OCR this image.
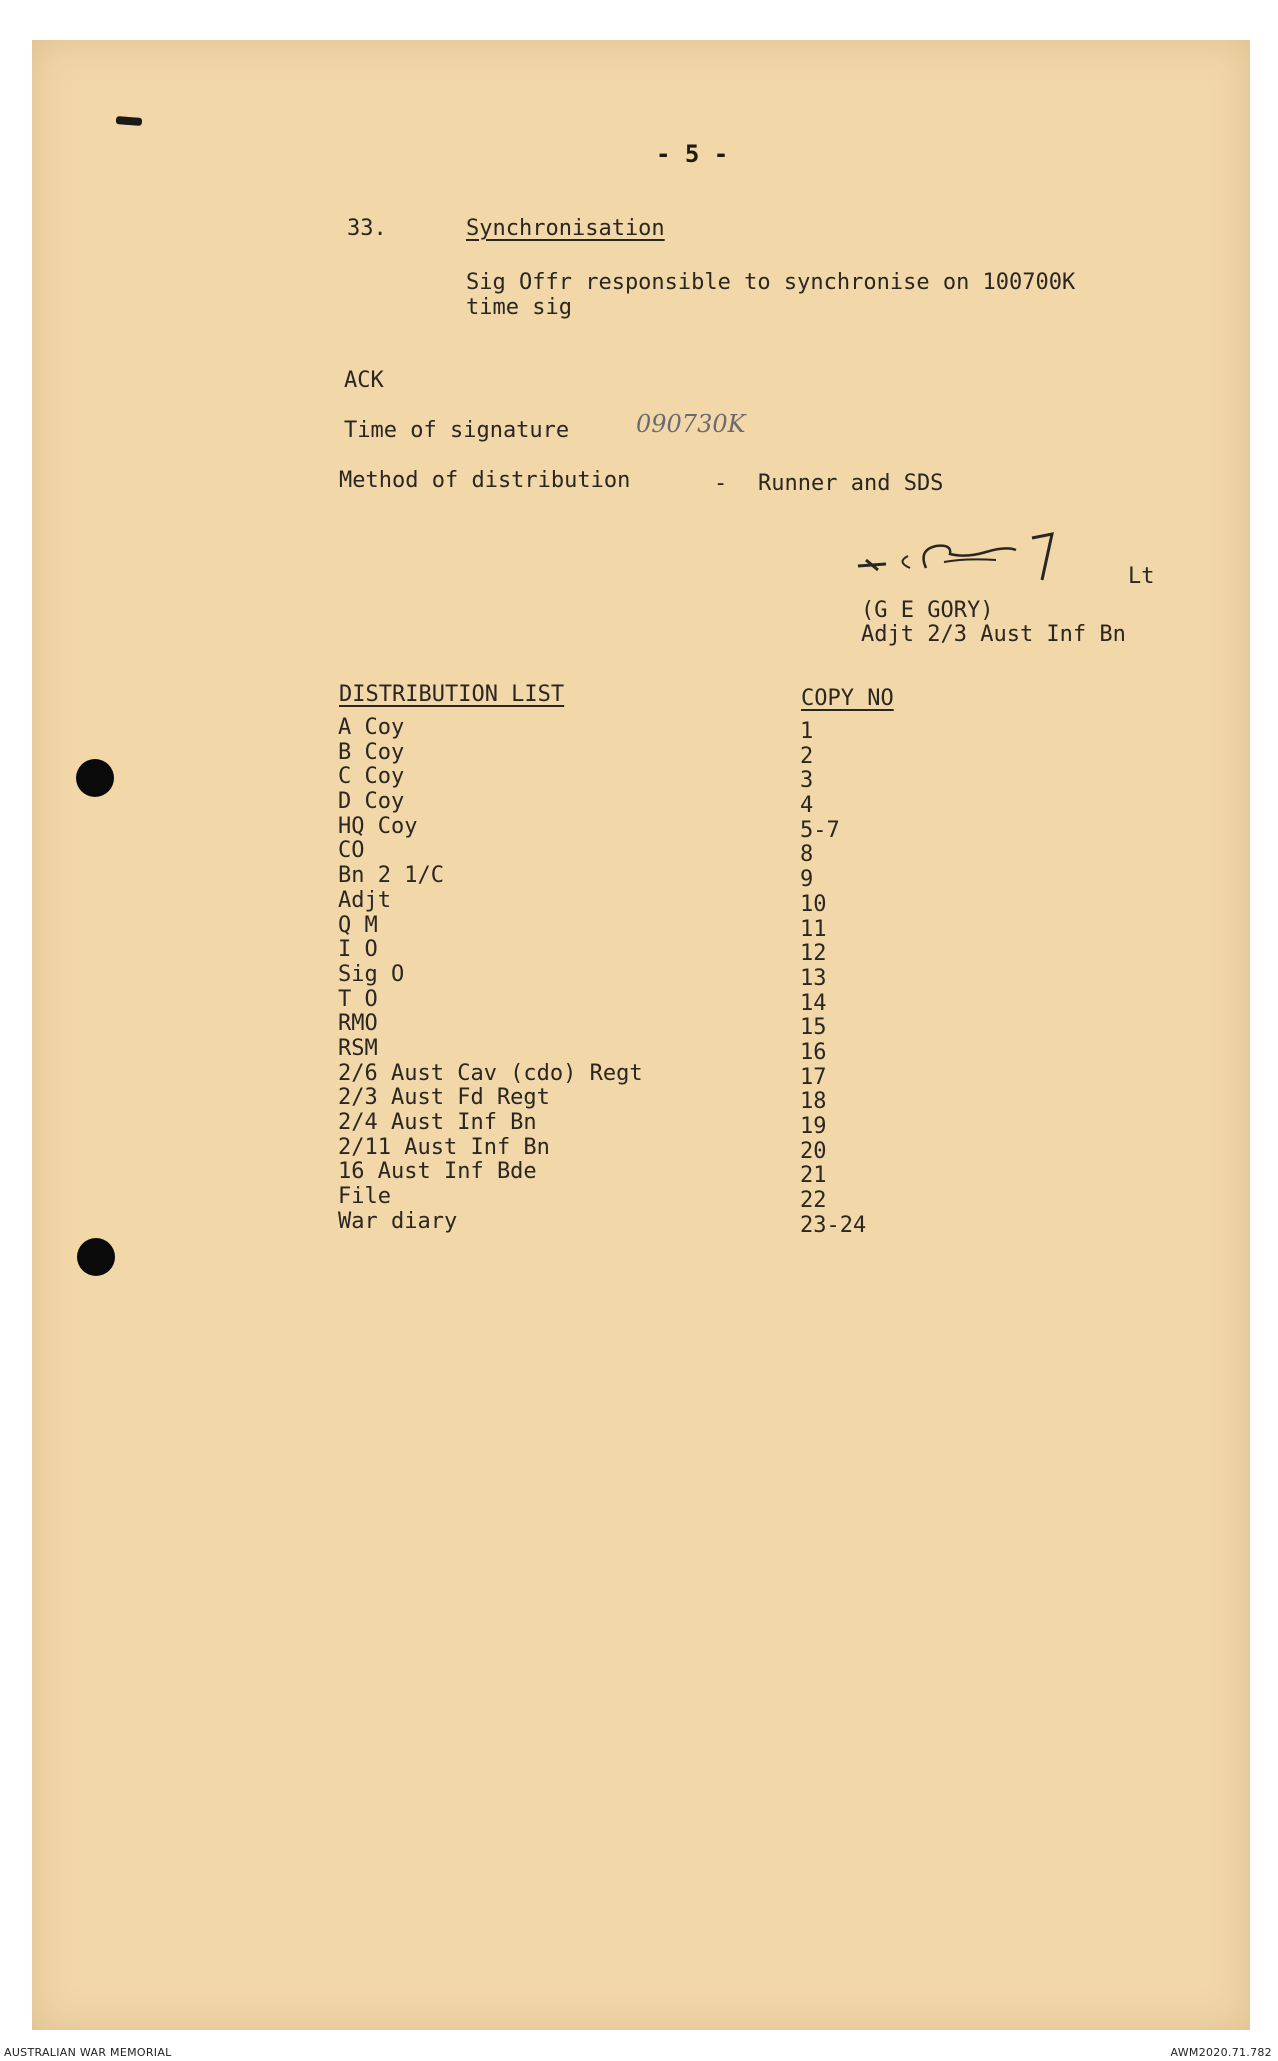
- 5 -
33.	Synchronisation
Sig Offr responsible to synchronise on 100700K
time sig
ACK
Time of signature	090730K
Method of distribution	- Runner and SDS
Lt
(G E GORY)
Adjt 2/3 Aust Inf Bn
DISTRIBUTION LIST	COPY NO
A Coy	1
B Coy	2
C Coy	3
D Coy	4
HQ Coy	5-7
CO	8
Bn 2 1/C	9
Adjt	10
Q M	11
I O	12
Sig O	13
T O	14
RMO	15
RSM	16
2/6 Aust Cav (cdo) Regt	17
2/3 Aust Fd Regt	18
2/4 Aust Inf Bn	19
2/11 Aust Inf Bn	20
16 Aust Inf Bde	21
File	22
War diary	23-24
AUSTRALIAN WAR MEMORIAL	AWM2020.71.782
